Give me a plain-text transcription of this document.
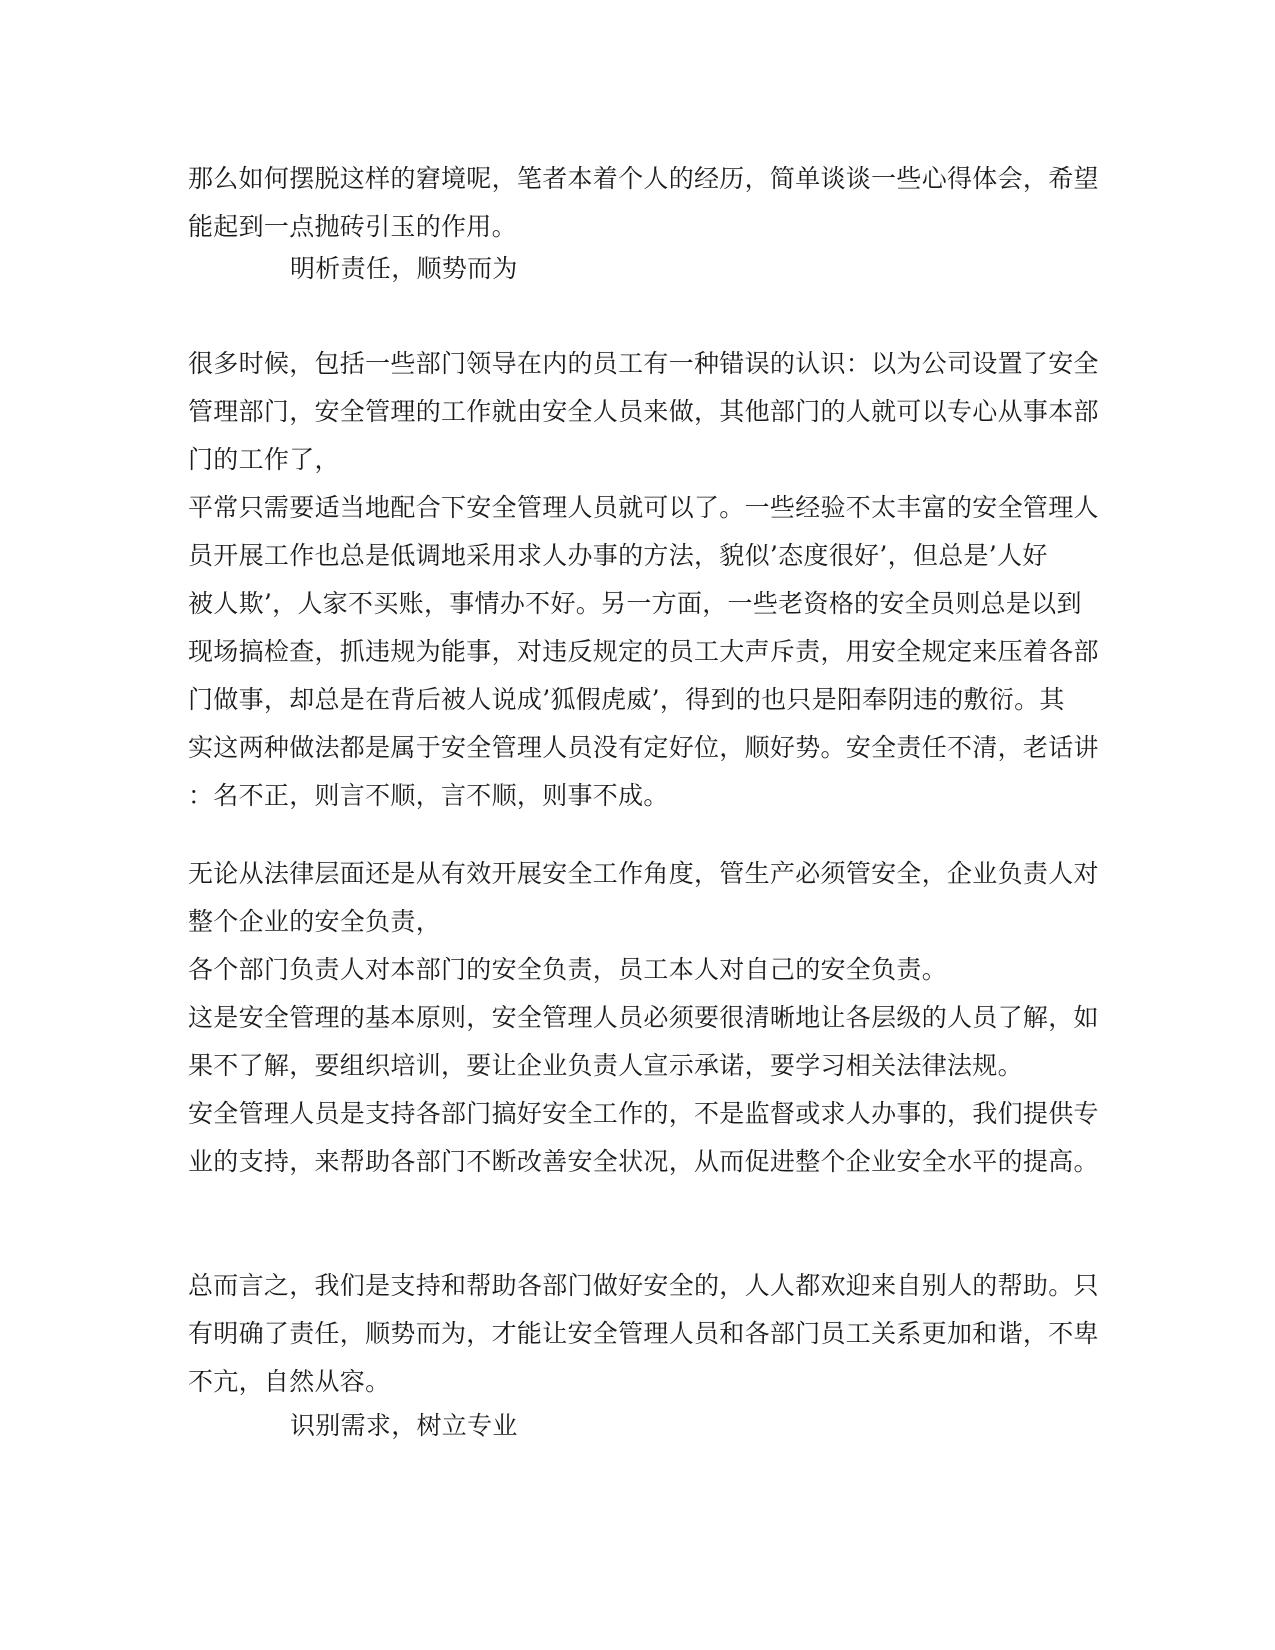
那么如何摆脱这样的窘境呢，笔者本着个人的经历，简单谈谈一些心得体会，希望
能起到一点抛砖引玉的作用。
明析责任，顺势而为
很多时候，包括一些部门领导在内的员工有一种错误的认识：以为公司设置了安全
管理部门，安全管理的工作就由安全人员来做，其他部门的人就可以专心从事本部
门的工作了，
平常只需要适当地配合下安全管理人员就可以了。一些经验不太丰富的安全管理人
员开展工作也总是低调地采用求人办事的方法，貌似’态度很好’，但总是’人好
被人欺’，人家不买账，事情办不好。另一方面，一些老资格的安全员则总是以到
现场搞检查，抓违规为能事，对违反规定的员工大声斥责，用安全规定来压着各部
门做事，却总是在背后被人说成’狐假虎威’，得到的也只是阳奉阴违的敷衍。其
实这两种做法都是属于安全管理人员没有定好位，顺好势。安全责任不清，老话讲
：名不正，则言不顺，言不顺，则事不成。
无论从法律层面还是从有效开展安全工作角度，管生产必须管安全，企业负责人对
整个企业的安全负责，
各个部门负责人对本部门的安全负责，员工本人对自己的安全负责。
这是安全管理的基本原则，安全管理人员必须要很清晰地让各层级的人员了解，如
果不了解，要组织培训，要让企业负责人宣示承诺，要学习相关法律法规。
安全管理人员是支持各部门搞好安全工作的，不是监督或求人办事的，我们提供专
业的支持，来帮助各部门不断改善安全状况，从而促进整个企业安全水平的提高。
总而言之，我们是支持和帮助各部门做好安全的，人人都欢迎来自别人的帮助。只
有明确了责任，顺势而为，才能让安全管理人员和各部门员工关系更加和谐，不卑
不亢，自然从容。
识别需求，树立专业
